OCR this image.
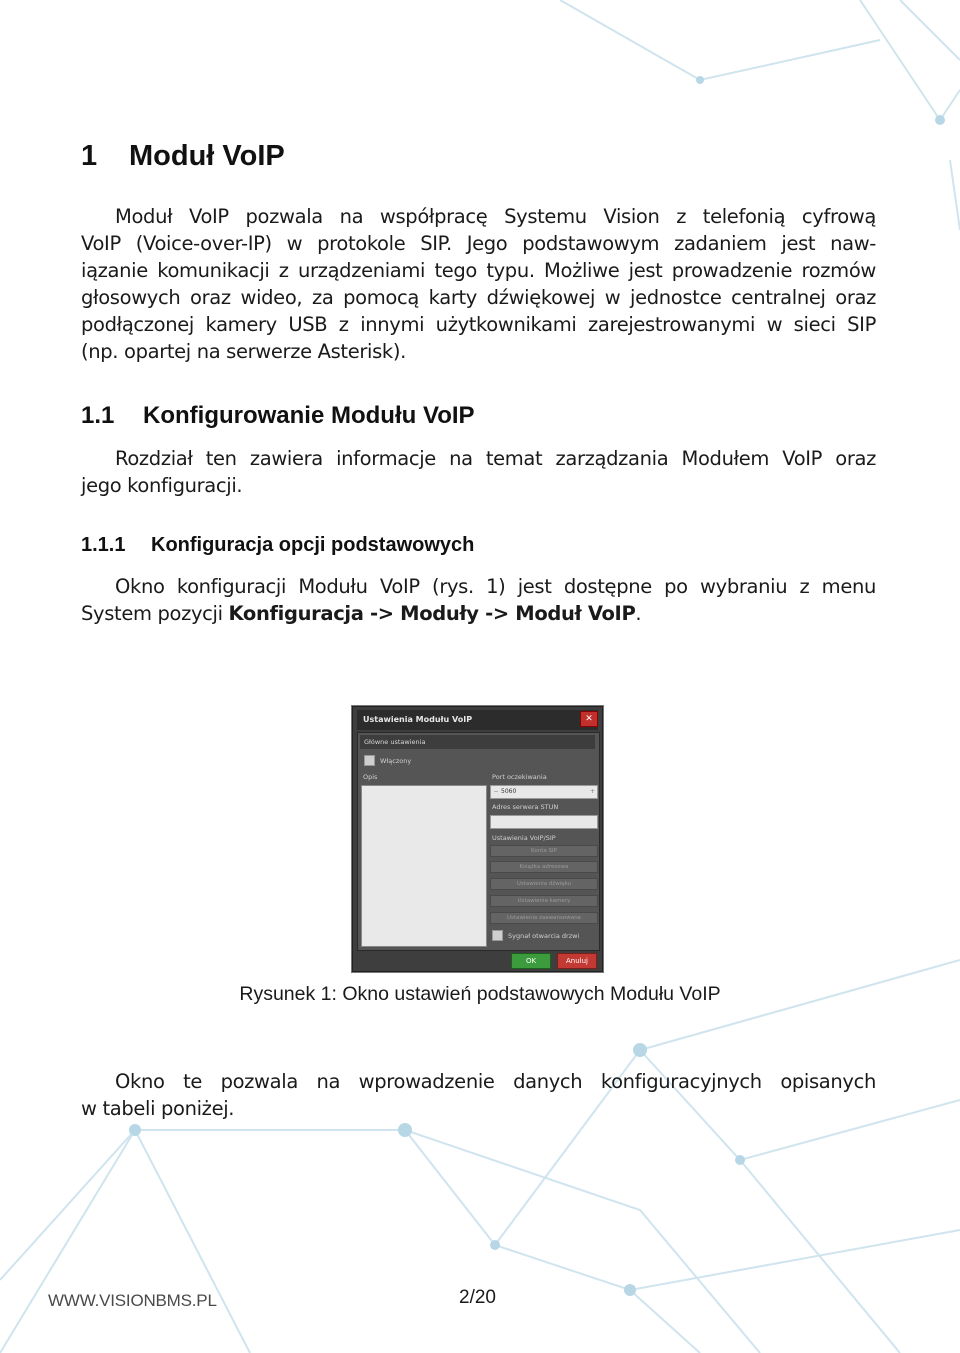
1 Moduł VoIP
Moduł VoIP pozwala na współpracę Systemu Vision z telefonią cyfrową
VoIP (Voice-over-IP) w protokole SIP. Jego podstawowym zadaniem jest naw-
iązanie komunikacji z urządzeniami tego typu. Możliwe jest prowadzenie rozmów
głosowych oraz wideo, za pomocą karty dźwiękowej w jednostce centralnej oraz
podłączonej kamery USB z innymi użytkownikami zarejestrowanymi w sieci SIP
(np. opartej na serwerze Asterisk).
1.1 Konfigurowanie Modułu VoIP
Rozdział ten zawiera informacje na temat zarządzania Modułem VoIP oraz
jego konfiguracji.
1.1.1 Konfiguracja opcji podstawowych
Okno konfiguracji Modułu VoIP (rys. 1) jest dostępne po wybraniu z menu
System pozycji Konfiguracja -> Moduły -> Moduł VoIP.
Ustawienia Modułu VoIP	✕
Główne ustawienia
Włączony
Opis	Port oczekiwania
− 5060	+
Adres serwera STUN
Ustawienia VoIP/SIP
Konta SIP
Książka adresowa
Ustawienia dźwięku
Ustawienia kamery
Ustawienia zaawansowane
Sygnał otwarcia drzwi
OK	Anuluj
Rysunek 1: Okno ustawień podstawowych Modułu VoIP
Okno te pozwala na wprowadzenie danych konfiguracyjnych opisanych
w tabeli poniżej.
WWW.VISIONBMS.PL	2/20
